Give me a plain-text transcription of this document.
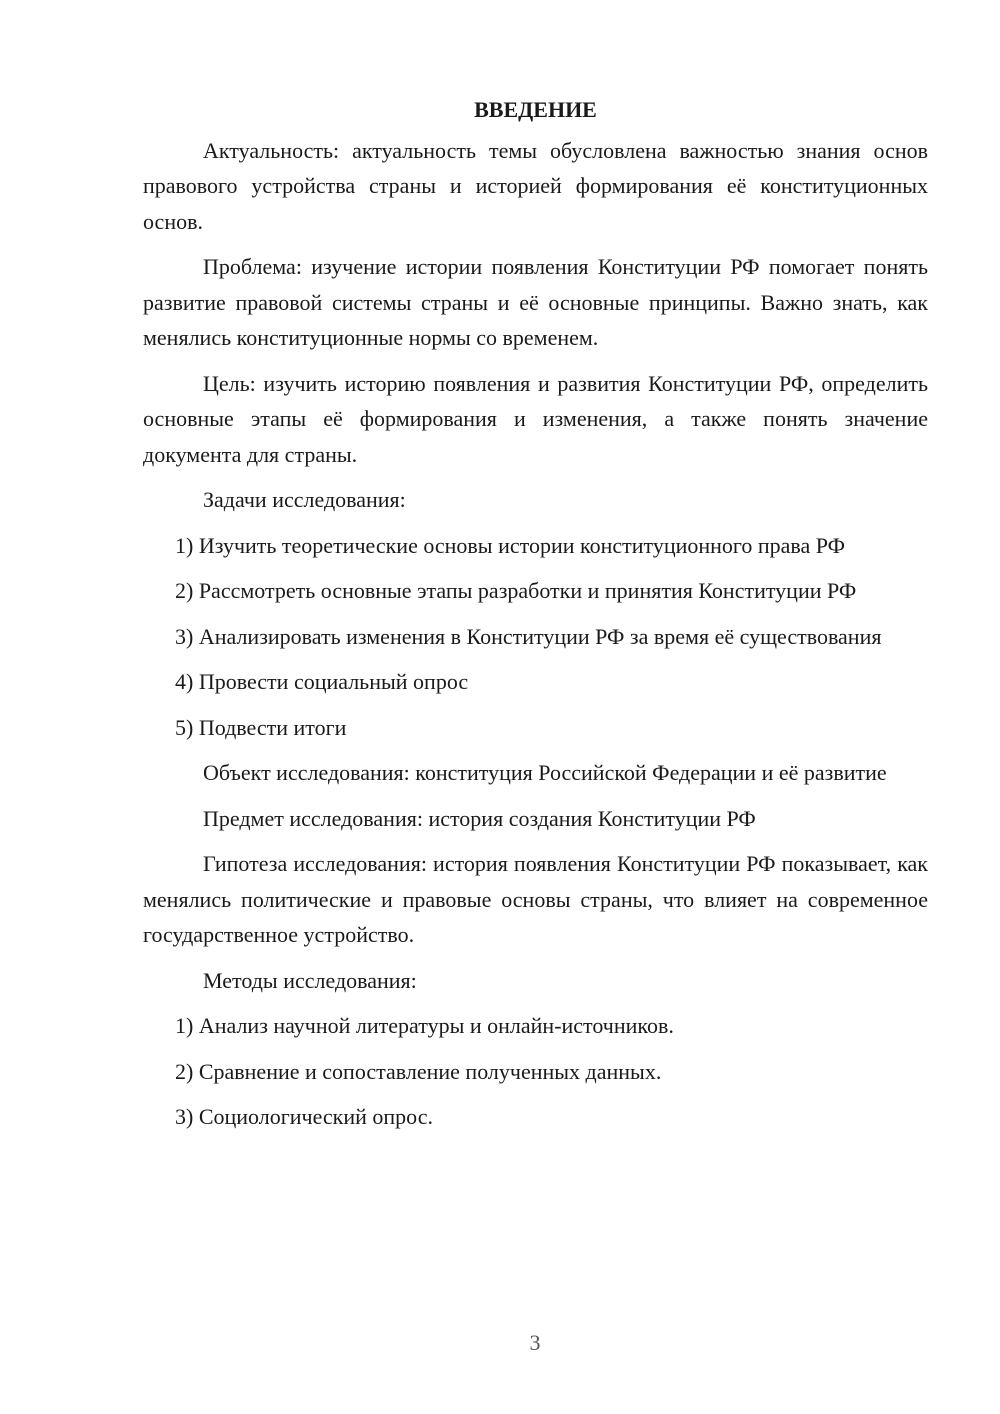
ВВЕДЕНИЕ

Актуальность: актуальность темы обусловлена важностью знания основ правового устройства страны и историей формирования её конституционных основ.

Проблема: изучение истории появления Конституции РФ помогает понять развитие правовой системы страны и её основные принципы. Важно знать, как менялись конституционные нормы со временем.

Цель: изучить историю появления и развития Конституции РФ, определить основные этапы её формирования и изменения, а также понять значение документа для страны.

Задачи исследования:

1) Изучить теоретические основы истории конституционного права РФ

2) Рассмотреть основные этапы разработки и принятия Конституции РФ

3) Анализировать изменения в Конституции РФ за время её существования

4) Провести социальный опрос

5) Подвести итоги

Объект исследования: конституция Российской Федерации и её развитие

Предмет исследования: история создания Конституции РФ

Гипотеза исследования: история появления Конституции РФ показывает, как менялись политические и правовые основы страны, что влияет на современное государственное устройство.

Методы исследования:

1) Анализ научной литературы и онлайн-источников.

2) Сравнение и сопоставление полученных данных.

3) Социологический опрос.

3
